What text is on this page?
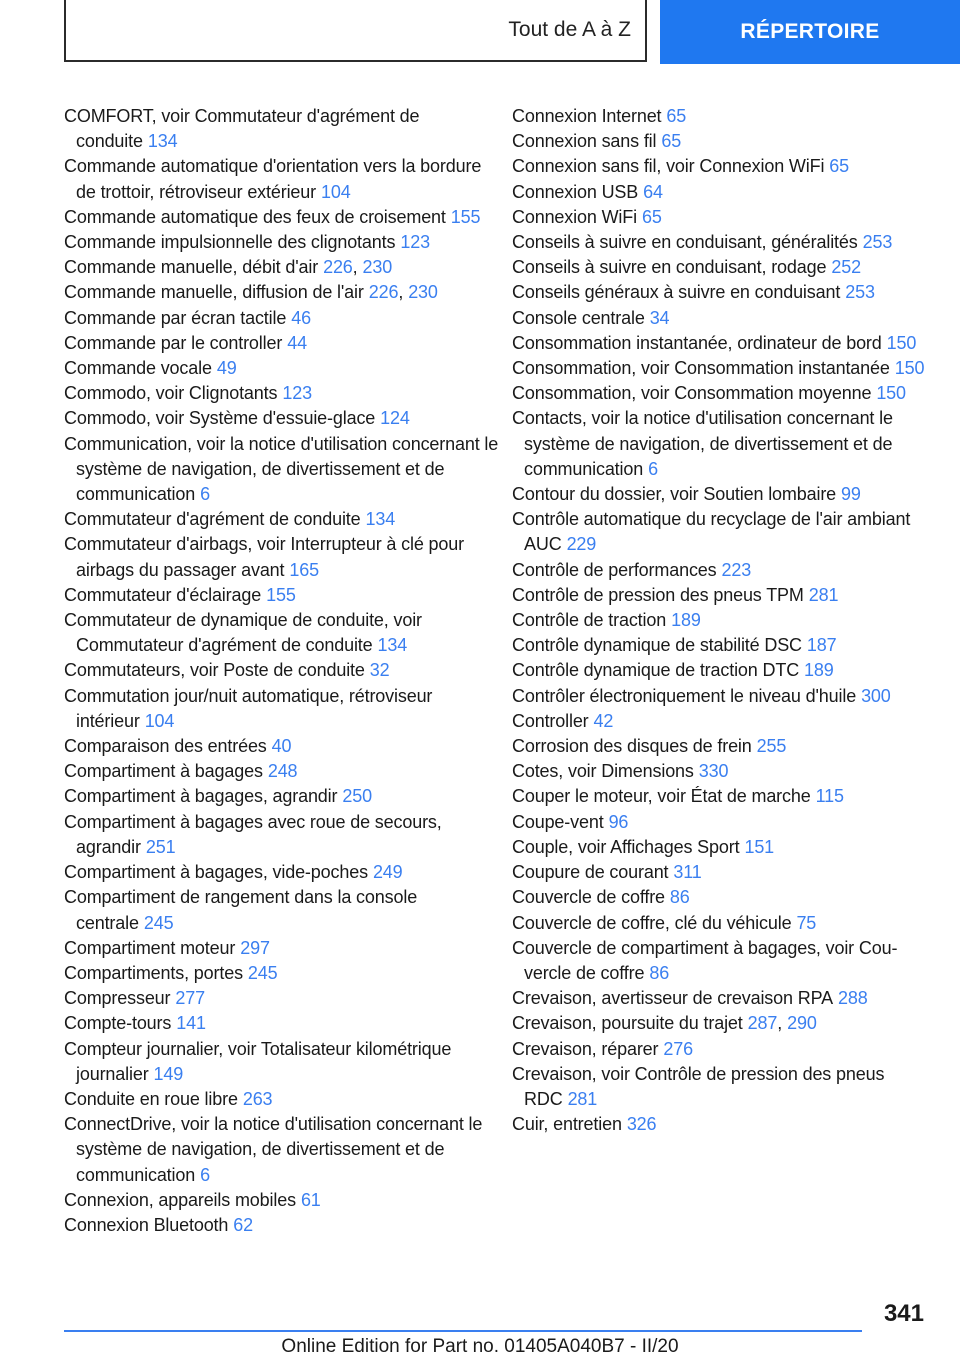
Tout de A à Z	RÉPERTOIRE
COMFORT, voir Commutateur d'agrément de conduite 134
Commande automatique d'orientation vers la bordure de trottoir, rétroviseur extérieur 104
Commande automatique des feux de croisement 155
Commande impulsionnelle des clignotants 123
Commande manuelle, débit d'air 226, 230
Commande manuelle, diffusion de l'air 226, 230
Commande par écran tactile 46
Commande par le controller 44
Commande vocale 49
Commodo, voir Clignotants 123
Commodo, voir Système d'essuie-glace 124
Communication, voir la notice d'utilisation concernant le système de navigation, de divertissement et de communication 6
Commutateur d'agrément de conduite 134
Commutateur d'airbags, voir Interrupteur à clé pour airbags du passager avant 165
Commutateur d'éclairage 155
Commutateur de dynamique de conduite, voir Commutateur d'agrément de conduite 134
Commutateurs, voir Poste de conduite 32
Commutation jour/nuit automatique, rétroviseur intérieur 104
Comparaison des entrées 40
Compartiment à bagages 248
Compartiment à bagages, agrandir 250
Compartiment à bagages avec roue de secours, agrandir 251
Compartiment à bagages, vide-poches 249
Compartiment de rangement dans la console centrale 245
Compartiment moteur 297
Compartiments, portes 245
Compresseur 277
Compte-tours 141
Compteur journalier, voir Totalisateur kilométrique journalier 149
Conduite en roue libre 263
ConnectDrive, voir la notice d'utilisation concernant le système de navigation, de divertissement et de communication 6
Connexion, appareils mobiles 61
Connexion Bluetooth 62
Connexion Internet 65
Connexion sans fil 65
Connexion sans fil, voir Connexion WiFi 65
Connexion USB 64
Connexion WiFi 65
Conseils à suivre en conduisant, généralités 253
Conseils à suivre en conduisant, rodage 252
Conseils généraux à suivre en conduisant 253
Console centrale 34
Consommation instantanée, ordinateur de bord 150
Consommation, voir Consommation instantanée 150
Consommation, voir Consommation moyenne 150
Contacts, voir la notice d'utilisation concernant le système de navigation, de divertissement et de communication 6
Contour du dossier, voir Soutien lombaire 99
Contrôle automatique du recyclage de l'air ambiant AUC 229
Contrôle de performances 223
Contrôle de pression des pneus TPM 281
Contrôle de traction 189
Contrôle dynamique de stabilité DSC 187
Contrôle dynamique de traction DTC 189
Contrôler électroniquement le niveau d'huile 300
Controller 42
Corrosion des disques de frein 255
Cotes, voir Dimensions 330
Couper le moteur, voir État de marche 115
Coupe-vent 96
Couple, voir Affichages Sport 151
Coupure de courant 311
Couvercle de coffre 86
Couvercle de coffre, clé du véhicule 75
Couvercle de compartiment à bagages, voir Couvercle de coffre 86
Crevaison, avertisseur de crevaison RPA 288
Crevaison, poursuite du trajet 287, 290
Crevaison, réparer 276
Crevaison, voir Contrôle de pression des pneus RDC 281
Cuir, entretien 326
341
Online Edition for Part no. 01405A040B7 - II/20
